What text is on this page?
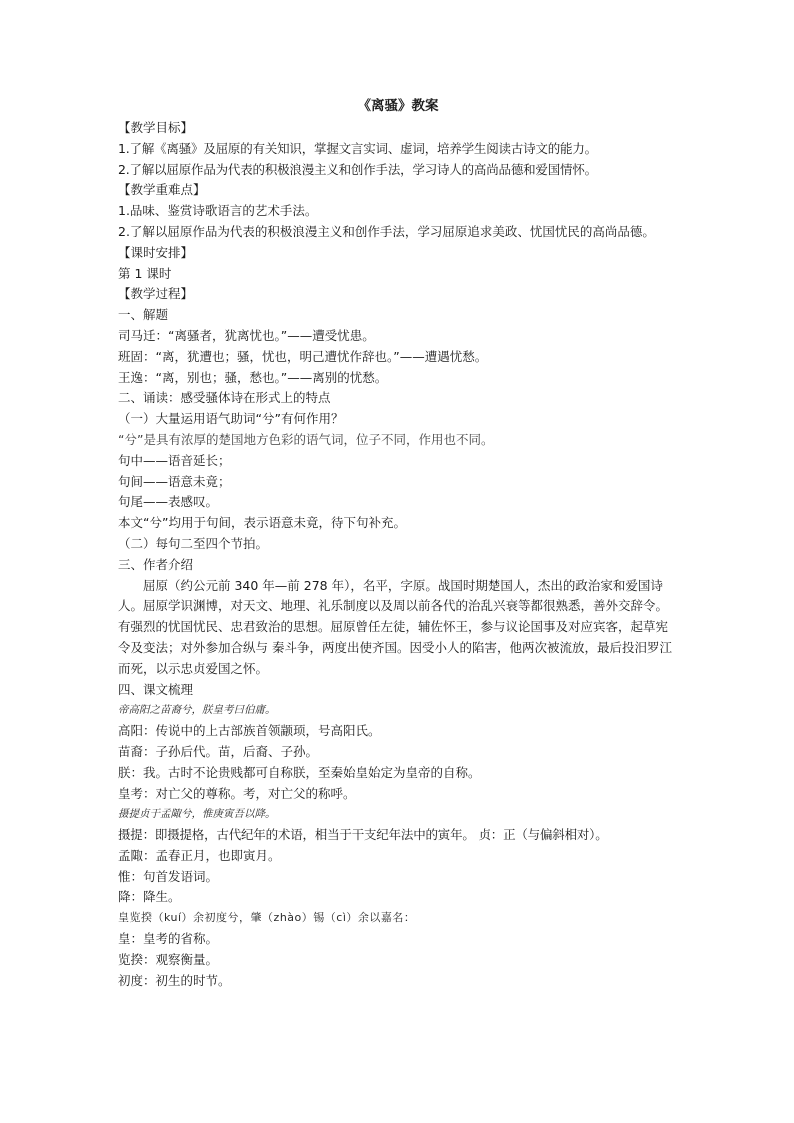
《离骚》教案
【教学目标】
1.了解《离骚》及屈原的有关知识，掌握文言实词、虚词，培养学生阅读古诗文的能力。
2.了解以屈原作品为代表的积极浪漫主义和创作手法，学习诗人的高尚品德和爱国情怀。
【教学重难点】
1.品味、鉴赏诗歌语言的艺术手法。
2.了解以屈原作品为代表的积极浪漫主义和创作手法，学习屈原追求美政、忧国忧民的高尚品德。
【课时安排】
第 1 课时
【教学过程】
一、解题
司马迁：“离骚者，犹离忧也。”——遭受忧患。
班固：“离，犹遭也；骚，忧也，明己遭忧作辞也。”——遭遇忧愁。
王逸：“离，别也；骚，愁也。”——离别的忧愁。
二、诵读：感受骚体诗在形式上的特点
（一）大量运用语气助词“兮”有何作用？
“兮”是具有浓厚的楚国地方色彩的语气词，位子不同，作用也不同。
句中——语音延长；
句间——语意未竟；
句尾——表感叹。
本文“兮”均用于句间，表示语意未竟，待下句补充。
（二）每句二至四个节拍。
三、作者介绍
屈原（约公元前 340 年—前 278 年），名平，字原。战国时期楚国人，杰出的政治家和爱国诗人。屈原学识渊博，对天文、地理、礼乐制度以及周以前各代的治乱兴衰等都很熟悉，善外交辞令。有强烈的忧国忧民、忠君致治的思想。屈原曾任左徒，辅佐怀王，参与议论国事及对应宾客，起草宪令及变法；对外参加合纵与 秦斗争，两度出使齐国。因受小人的陷害，他两次被流放，最后投汨罗江而死，以示忠贞爱国之怀。
四、课文梳理
帝高阳之苗裔兮，朕皇考曰伯庸。
高阳：传说中的上古部族首领颛顼，号高阳氏。
苗裔：子孙后代。苗，后裔、子孙。
朕：我。古时不论贵贱都可自称朕，至秦始皇始定为皇帝的自称。
皇考：对亡父的尊称。考，对亡父的称呼。
摄提贞于孟陬兮，惟庚寅吾以降。
摄提：即摄提格，古代纪年的术语，相当于干支纪年法中的寅年。 贞：正（与偏斜相对）。
孟陬：孟春正月，也即寅月。
惟：句首发语词。
降：降生。
皇览揆（kuí）余初度兮，肇（zhào）锡（cì）余以嘉名：
皇：皇考的省称。
览揆：观察衡量。
初度：初生的时节。
